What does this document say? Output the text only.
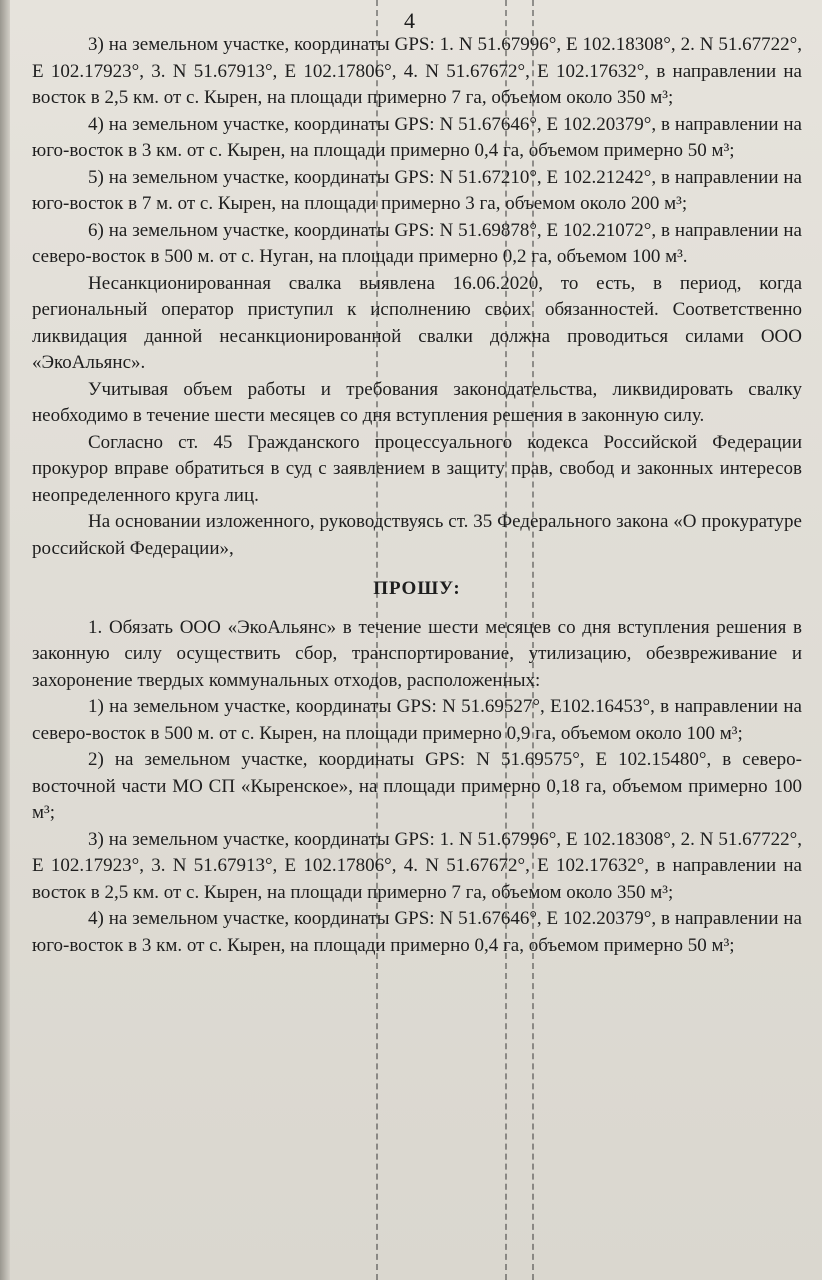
4

3) на земельном участке, координаты GPS: 1. N 51.67996°, E 102.18308°, 2. N 51.67722°, E 102.17923°, 3. N 51.67913°, E 102.17806°, 4. N 51.67672°, E 102.17632°, в направлении на восток в 2,5 км. от с. Кырен, на площади примерно 7 га, объемом около 350 м³;

4) на земельном участке, координаты GPS: N 51.67646°, E 102.20379°, в направлении на юго-восток в 3 км. от с. Кырен, на площади примерно 0,4 га, объемом примерно 50 м³;

5) на земельном участке, координаты GPS: N 51.67210°, E 102.21242°, в направлении на юго-восток в 7 м. от с. Кырен, на площади примерно 3 га, объемом около 200 м³;

6) на земельном участке, координаты GPS: N 51.69878°, E 102.21072°, в направлении на северо-восток в 500 м. от с. Нуган, на площади примерно 0,2 га, объемом 100 м³.

Несанкционированная свалка выявлена 16.06.2020, то есть, в период, когда региональный оператор приступил к исполнению своих обязанностей. Соответственно ликвидация данной несанкционированной свалки должна проводиться силами ООО «ЭкоАльянс».

Учитывая объем работы и требования законодательства, ликвидировать свалку необходимо в течение шести месяцев со дня вступления решения в законную силу.

Согласно ст. 45 Гражданского процессуального кодекса Российской Федерации прокурор вправе обратиться в суд с заявлением в защиту прав, свобод и законных интересов неопределенного круга лиц.

На основании изложенного, руководствуясь ст. 35 Федерального закона «О прокуратуре российской Федерации»,

ПРОШУ:

1. Обязать ООО «ЭкоАльянс» в течение шести месяцев со дня вступления решения в законную силу осуществить сбор, транспортирование, утилизацию, обезвреживание и захоронение твердых коммунальных отходов, расположенных:

1) на земельном участке, координаты GPS: N 51.69527°, E102.16453°, в направлении на северо-восток в 500 м. от с. Кырен, на площади примерно 0,9 га, объемом около 100 м³;

2) на земельном участке, координаты GPS: N 51.69575°, E 102.15480°, в северо-восточной части МО СП «Кыренское», на площади примерно 0,18 га, объемом примерно 100 м³;

3) на земельном участке, координаты GPS: 1. N 51.67996°, E 102.18308°, 2. N 51.67722°, E 102.17923°, 3. N 51.67913°, E 102.17806°, 4. N 51.67672°, E 102.17632°, в направлении на восток в 2,5 км. от с. Кырен, на площади примерно 7 га, объемом около 350 м³;

4) на земельном участке, координаты GPS: N 51.67646°, E 102.20379°, в направлении на юго-восток в 3 км. от с. Кырен, на площади примерно 0,4 га, объемом примерно 50 м³;
